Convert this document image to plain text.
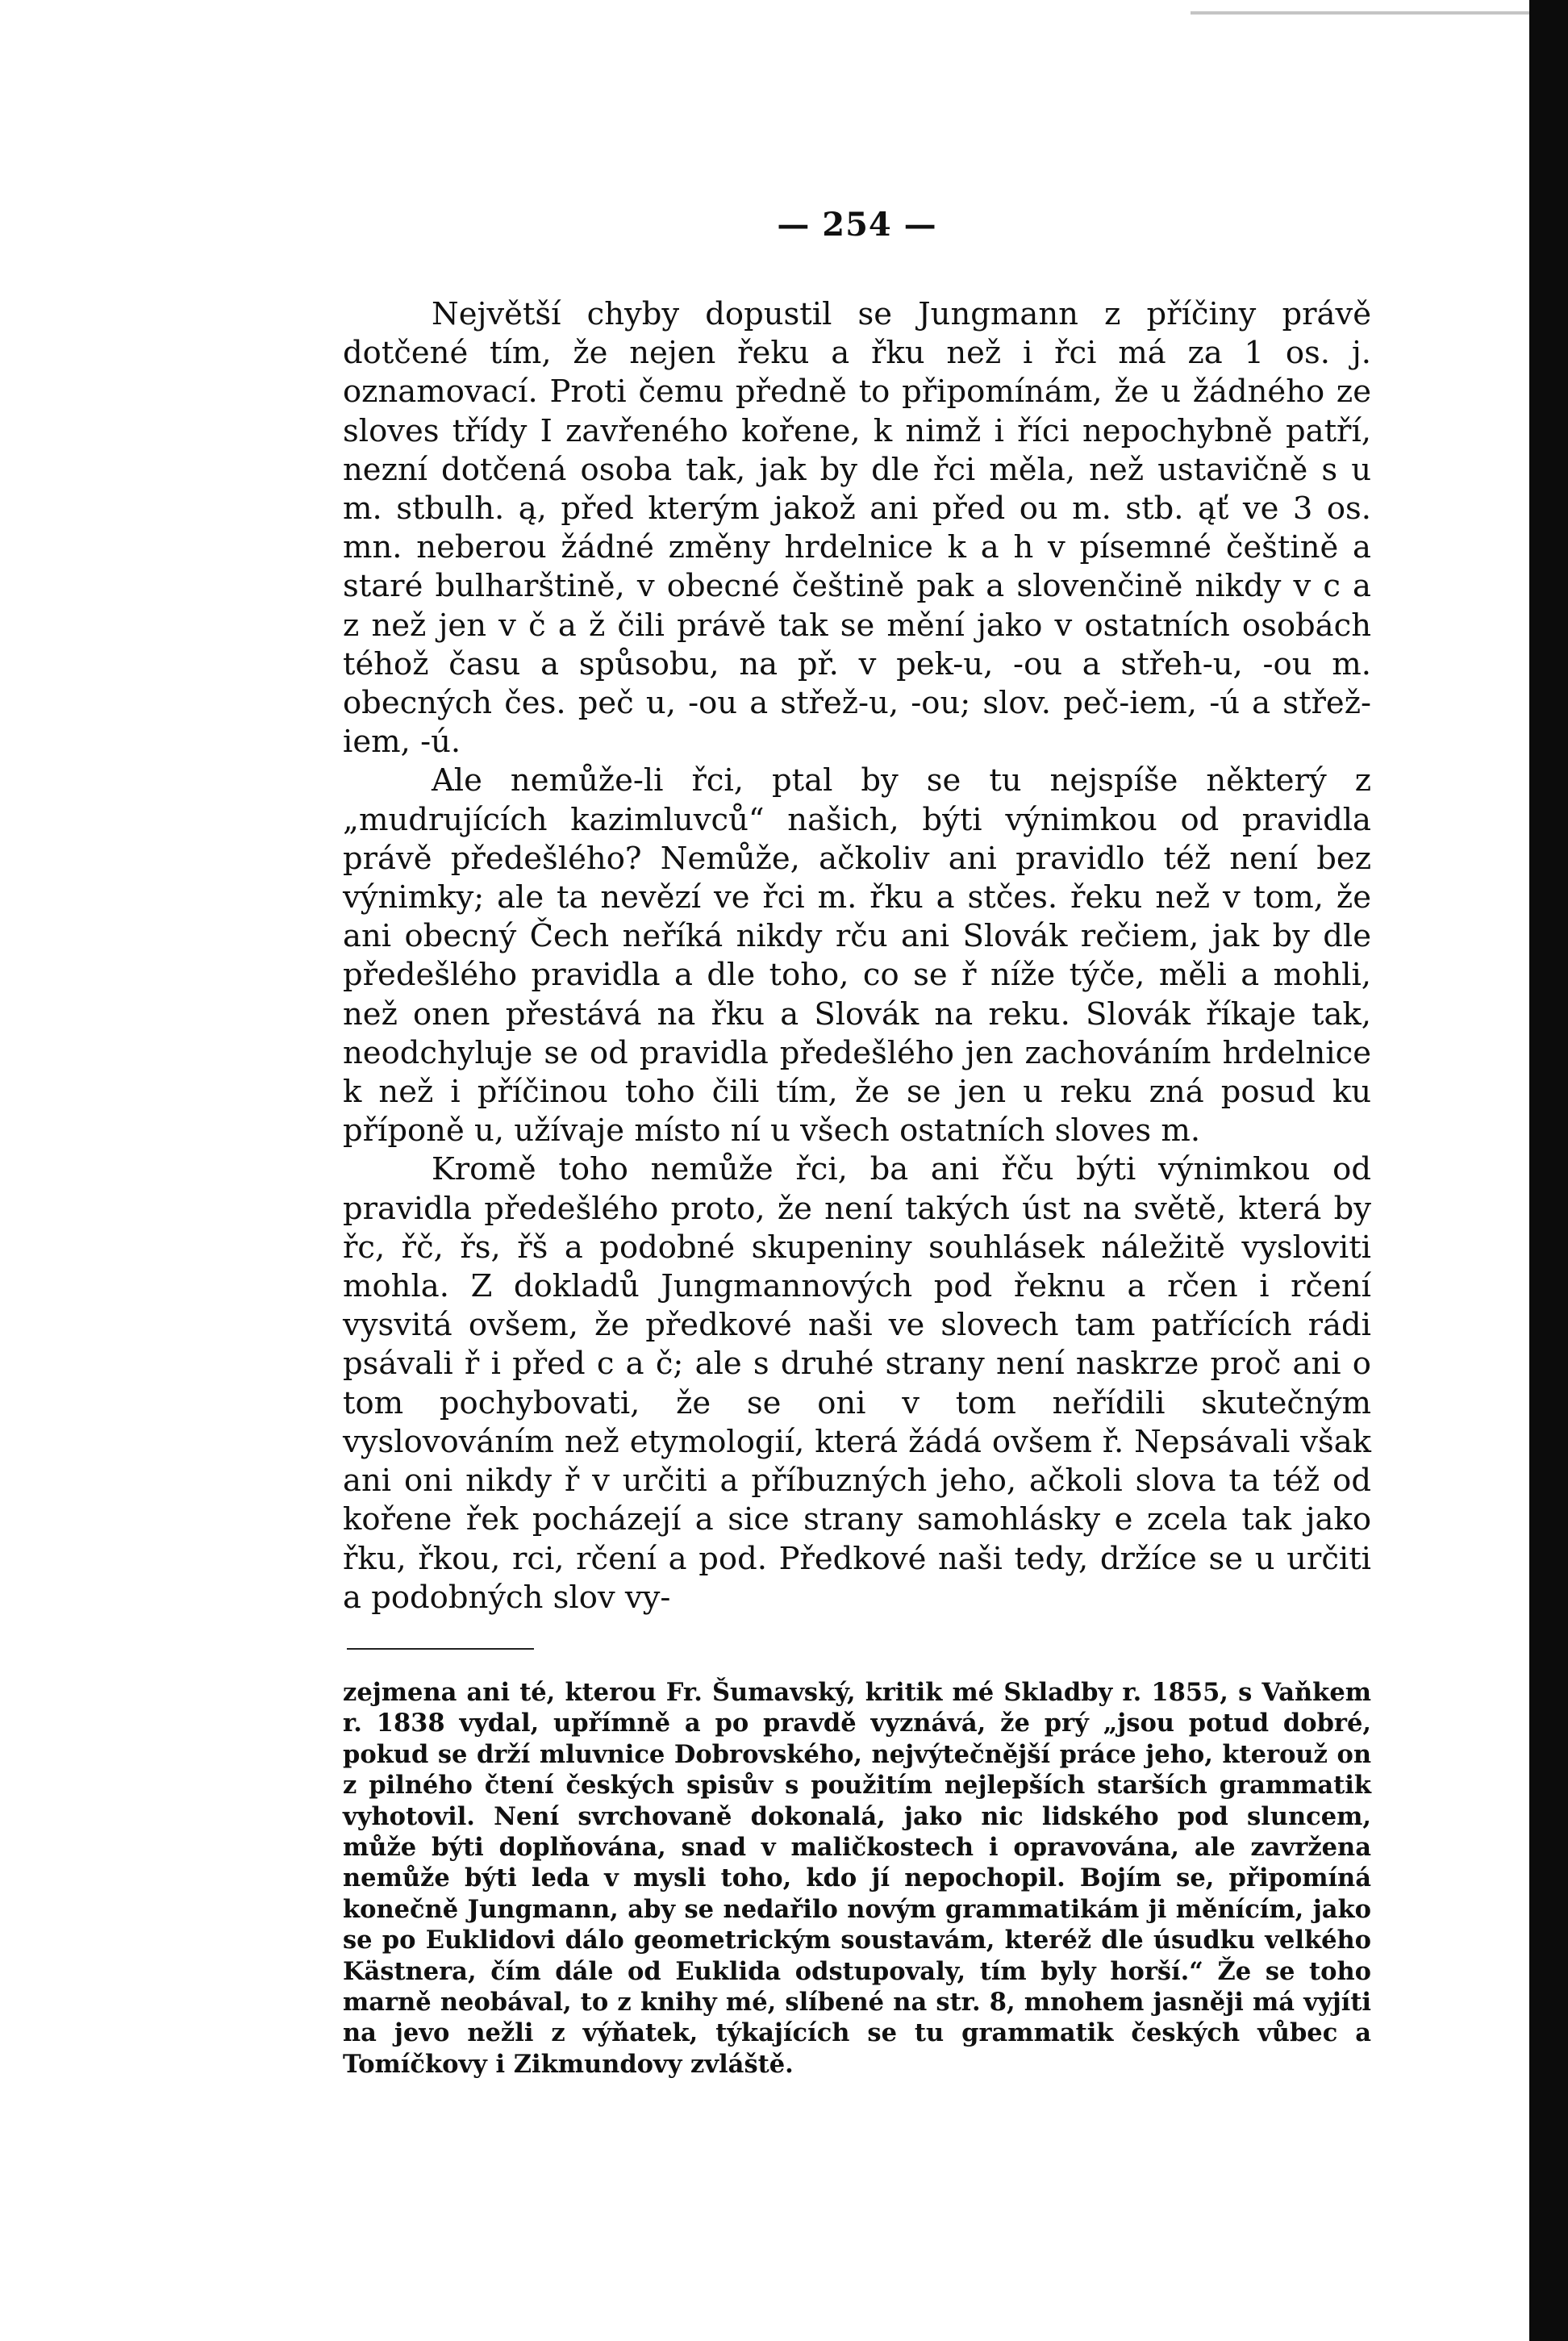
— 254 —

Největší chyby dopustil se Jungmann z příčiny právě dotčené tím, že nejen řeku a řku než i řci má za 1 os. j. oznamovací. Proti čemu předně to připomínám, že u žádného ze sloves třídy I zavřeného kořene, k nimž i říci nepochybně patří, nezní dotčená osoba tak, jak by dle řci měla, než ustavičně s u m. stbulh. ą, před kterým jakož ani před ou m. stb. ąť ve 3 os. mn. neberou žádné změny hrdelnice k a h v písemné češtině a staré bulharštině, v obecné češtině pak a slovenčině nikdy v c a z než jen v č a ž čili právě tak se mění jako v ostatních osobách téhož času a spůsobu, na př. v pek-u, -ou a střeh-u, -ou m. obecných čes. peč u, -ou a střež-u, -ou; slov. peč-iem, -ú a střež-iem, -ú.

Ale nemůže-li řci, ptal by se tu nejspíše některý z „mudrujících kazimluvců“ našich, býti výnimkou od pravidla právě předešlého? Nemůže, ačkoliv ani pravidlo též není bez výnimky; ale ta nevězí ve řci m. řku a stčes. řeku než v tom, že ani obecný Čech neříká nikdy rču ani Slovák rečiem, jak by dle předešlého pravidla a dle toho, co se ř níže týče, měli a mohli, než onen přestává na řku a Slovák na reku. Slovák říkaje tak, neodchyluje se od pravidla předešlého jen zachováním hrdelnice k než i příčinou toho čili tím, že se jen u reku zná posud ku příponě u, užívaje místo ní u všech ostatních sloves m.

Kromě toho nemůže řci, ba ani řču býti výnimkou od pravidla předešlého proto, že není takých úst na světě, která by řc, řč, řs, řš a podobné skupeniny souhlásek náležitě vysloviti mohla. Z dokladů Jungmannových pod řeknu a rčen i rčení vysvitá ovšem, že předkové naši ve slovech tam patřících rádi psávali ř i před c a č; ale s druhé strany není naskrze proč ani o tom pochybovati, že se oni v tom neřídili skutečným vyslovováním než etymologií, která žádá ovšem ř. Nepsávali však ani oni nikdy ř v určiti a příbuzných jeho, ačkoli slova ta též od kořene řek pocházejí a sice strany samohlásky e zcela tak jako řku, řkou, rci, rčení a pod. Předkové naši tedy, držíce se u určiti a podobných slov vy-

zejmena ani té, kterou Fr. Šumavský, kritik mé Skladby r. 1855, s Vaňkem r. 1838 vydal, upřímně a po pravdě vyznává, že prý „jsou potud dobré, pokud se drží mluvnice Dobrovského, nejvýtečnější práce jeho, kterouž on z pilného čtení českých spisův s použitím nejlepších starších grammatik vyhotovil. Není svrchovaně dokonalá, jako nic lidského pod sluncem, může býti doplňována, snad v maličkostech i opravována, ale zavržena nemůže býti leda v mysli toho, kdo jí nepochopil. Bojím se, připomíná konečně Jungmann, aby se nedařilo novým grammatikám ji měnícím, jako se po Euklidovi dálo geometrickým soustavám, kteréž dle úsudku velkého Kästnera, čím dále od Euklida odstupovaly, tím byly horší.“ Že se toho marně neobával, to z knihy mé, slíbené na str. 8, mnohem jasněji má vyjíti na jevo nežli z výňatek, týkajících se tu grammatik českých vůbec a Tomíčkovy i Zikmundovy zvláště.
